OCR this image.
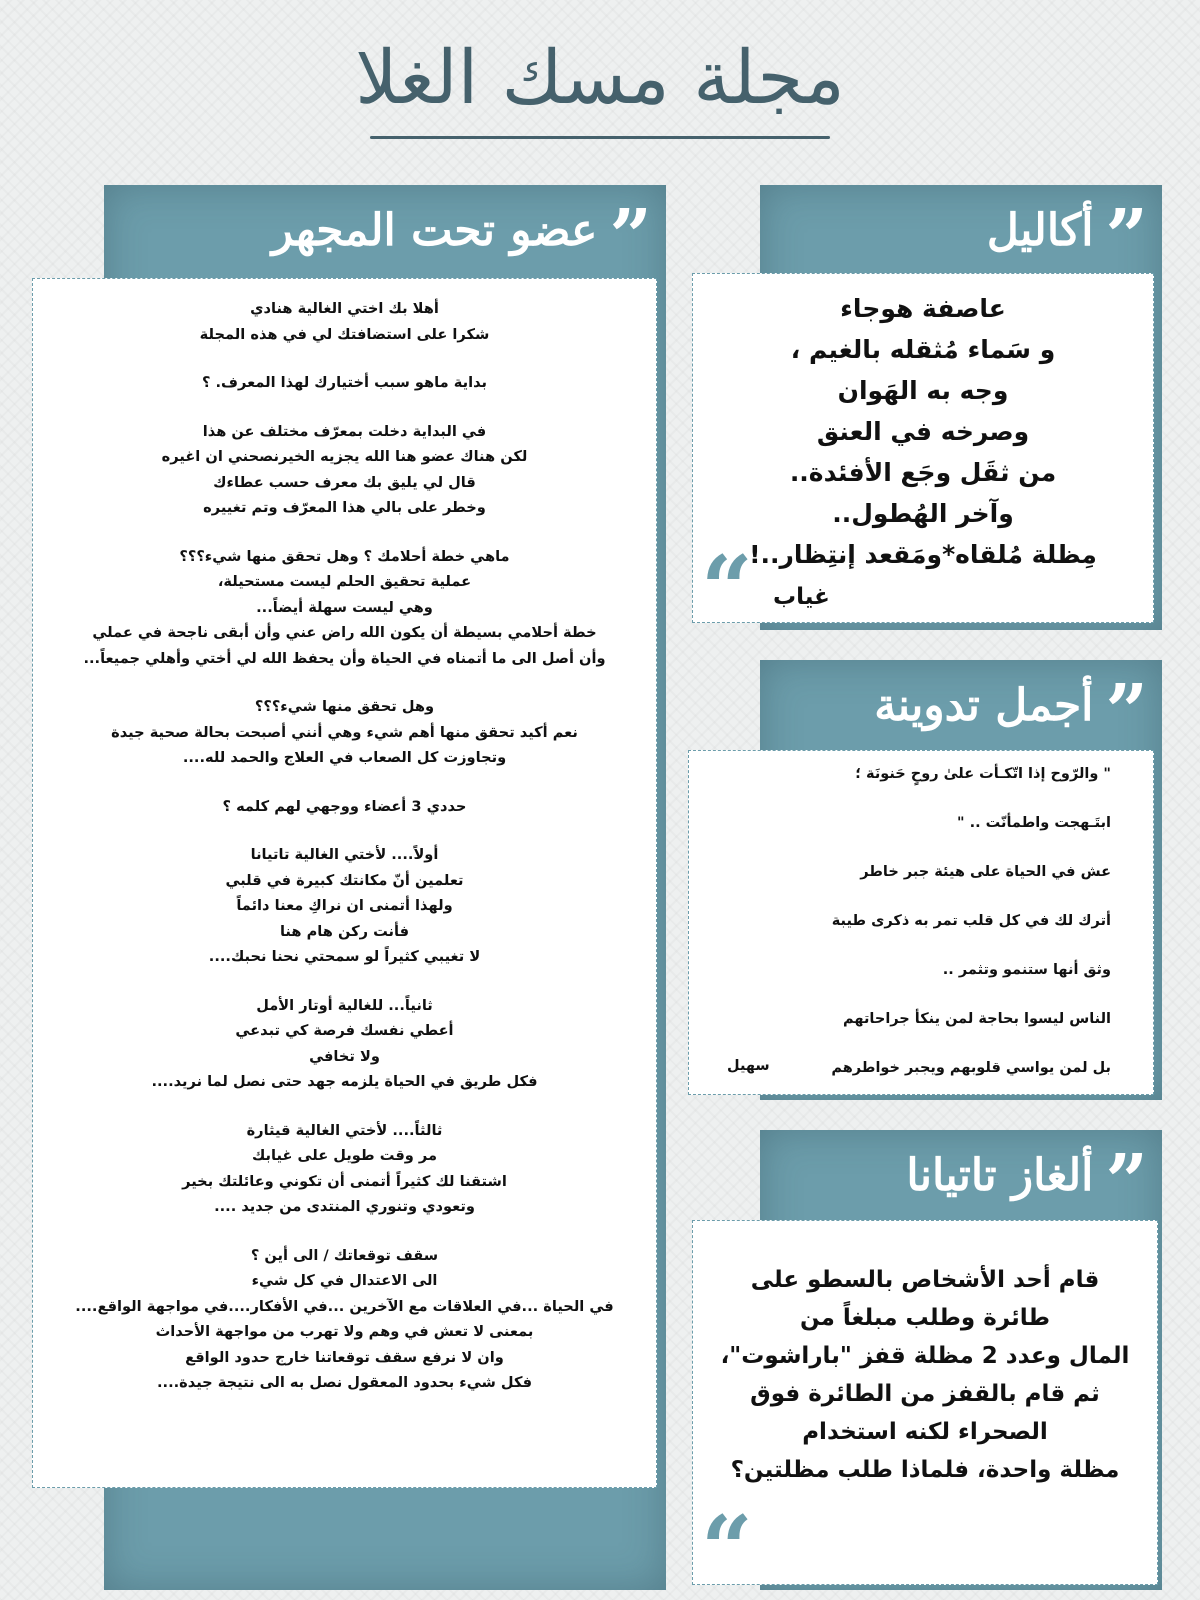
مجلة مسك الغلا
”
عضو تحت المجهر

أهلا بك اختي الغالية هنادي

شكرا على استضافتك لي في هذه المجلة

بداية ماهو سبب أختيارك لهذا المعرف. ؟

في البداية دخلت بمعرّف مختلف عن هذا

لكن هناك عضو هنا الله يجزيه الخيرنصحني ان اغيره

قال لي يليق بك معرف حسب عطاءك

وخطر على بالي هذا المعرّف وتم تغييره

ماهي خطة أحلامك ؟ وهل تحقق منها شيء؟؟؟

عملية تحقيق الحلم ليست مستحيلة،

وهي ليست سهلة أيضاً...

خطة أحلامي بسيطة أن يكون الله راض عني وأن أبقى ناجحة في عملي

وأن أصل الى ما أتمناه في الحياة وأن يحفظ الله لي أختي وأهلي جميعاً...

وهل تحقق منها شيء؟؟؟

نعم أكيد تحقق منها أهم شيء وهي أنني أصبحت بحالة صحية جيدة

وتجاوزت كل الصعاب في العلاج والحمد لله....

حددي 3 أعضاء ووجهي لهم كلمه ؟

أولاً.... لأختي الغالية تاتيانا

تعلمين أنّ مكانتك كبيرة في قلبي

ولهذا أتمنى ان نراكِ معنا دائماً

فأنت ركن هام هنا

لا تغيبي كثيراً لو سمحتي نحنا نحبك....

ثانياً... للغالية أوتار الأمل

أعطي نفسك فرصة كي تبدعي

ولا تخافي

فكل طريق في الحياة يلزمه جهد حتى نصل لما نريد....

ثالثاً.... لأختي الغالية قيثارة

مر وقت طويل على غيابك

اشتقنا لك كثيراً أتمنى أن تكوني وعائلتك بخير

وتعودي وتنوري المنتدى من جديد ....

سقف توقعاتك / الى أين ؟

الى الاعتدال في كل شيء

في الحياة ...في العلاقات مع الآخرين ...في الأفكار....في مواجهة الواقع....

بمعنى لا تعش في وهم ولا تهرب من مواجهة الأحداث

وان لا نرفع سقف توقعاتنا خارج حدود الواقع

فكل شيء بحدود المعقول نصل به الى نتيجة جيدة....

”
أكاليل

عاصفة هوجاء

و سَماء مُثقله بالغيم ،

وجه به الهَوان

وصرخه في العنق

من ثقَل وجَع الأفئدة..

وآخر الهُطول..

مِظلة مُلقاه*ومَقعد إنتِظار..!

“ غياب
”
أجمل تدوينة

" والرّوح إذا اتّكـأت علىٰ روحٍ حَنونَة ؛

ابتَـهجت واطمأنّت .. "

عش في الحياة على هيئة جبر خاطر

أترك لك في كل قلب تمر به ذكرى طيبة

وثق أنها ستنمو وتثمر ..

الناس ليسوا بحاجة لمن ينكأ جراحاتهم

بل لمن يواسي قلوبهم ويجبر خواطرهم

سهيل
”
ألغاز تاتيانا

قام أحد الأشخاص بالسطو على

طائرة وطلب مبلغاً من

المال وعدد 2 مظلة قفز "باراشوت"،

ثم قام بالقفز من الطائرة فوق

الصحراء لكنه استخدام

مظلة واحدة، فلماذا طلب مظلتين؟

“
